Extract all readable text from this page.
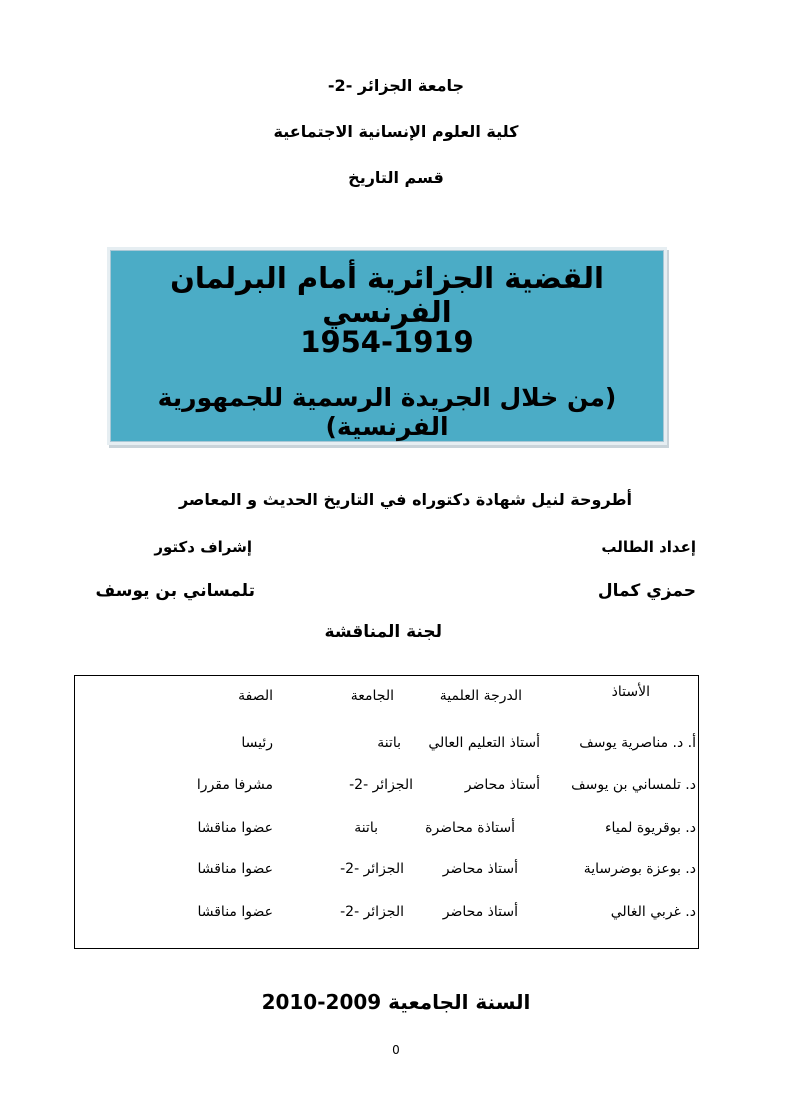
جامعة الجزائر -2-
كلية العلوم الإنسانية الاجتماعية
قسم التاريخ
القضية الجزائرية أمام البرلمان الفرنسي
1954-1919
(من خلال الجريدة الرسمية للجمهورية الفرنسية)
أطروحة لنيل شهادة دكتوراه في التاريخ الحديث و المعاصر
إعداد الطالب
إشراف دكتور
حمزي كمال
تلمساني بن يوسف
لجنة المناقشة
الأستاذ
الدرجة العلمية
الجامعة
الصفة
أ. د. مناصرية يوسف
أستاذ التعليم العالي
باتنة
رئيسا
د. تلمساني بن يوسف
أستاذ محاضر
الجزائر -2-
مشرفا مقررا
د. بوقريوة لمياء
أستاذة محاضرة
باتنة
عضوا مناقشا
د. بوعزة بوضرساية
أستاذ محاضر
الجزائر -2-
عضوا مناقشا
د. غربي الغالي
أستاذ محاضر
الجزائر -2-
عضوا مناقشا
السنة الجامعية 2009-2010
0
